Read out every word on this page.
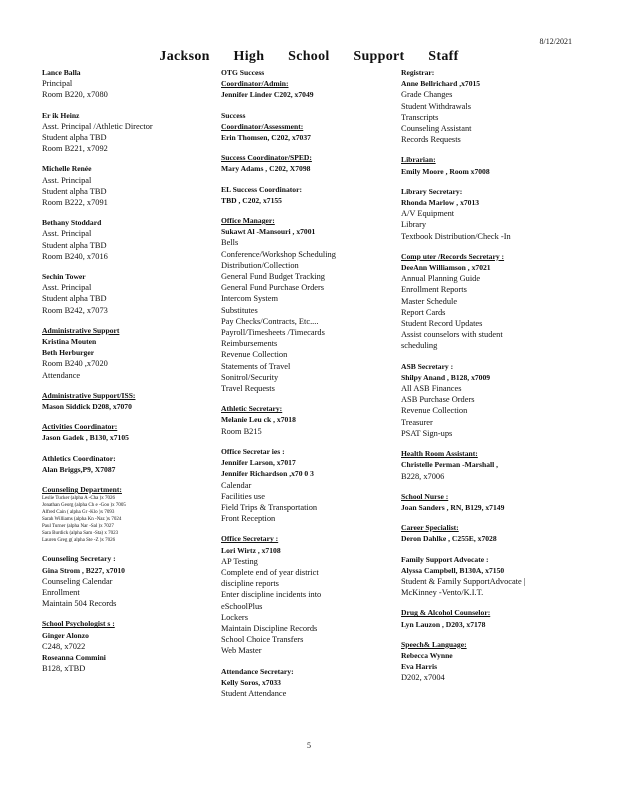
8/12/2021
Jackson High School Support Staff
Lance Balla
Principal
Room B220, x7080
Er ik Heinz
Asst. Principal /Athletic Director
Student alpha TBD
Room B221, x7092
Michelle Renée
Asst. Principal
Student alpha TBD
Room B222, x7091
Bethany Stoddard
Asst. Principal
Student alpha TBD
Room B240, x7016
Sechin Tower
Asst. Principal
Student alpha TBD
Room B242, x7073
Administrative Support
Kristina Mouten
Beth Herburger
Room B240 ,x7020
Attendance
Administrative Support/ISS:
Mason Siddick D208, x7070
Activities Coordinator:
Jason Gadek , B130, x7105
Athletics Coordinator:
Alan Briggs,P9, X7087
Counseling Department:
Leslie Tucker (alpha A -Cha )x 7026
Jonathan Georg (alpha Ch e -Goo )x 7005
Alfred Cain ( alpha Gr -Klo )x 7093
Sarah Williams (alpha Kn -Naz )x 7024
Paul Turner (alpha Nar -Sal )x 7027
Sara Burdick (alpha Sam -Sta) x 7023
Lauren Greg g( alpha Ste -Z )x 7026
Counseling Secretary :
Gina Strom , B227, x7010
Counseling Calendar
Enrollment
Maintain 504 Records
School Psychologist s :
Ginger Alonzo
C248, x7022
Roseanna Commini
B128, xTBD
OTG Success
Coordinator/Admin:
Jennifer Linder C202, x7049
Success
Coordinator/Assessment:
Erin Thomsen, C202, x7037
Success Coordinator/SPED:
Mary Adams , C202, X7098
EL Success Coordinator:
TBD , C202, x7155
Office Manager:
Sukawt Al -Mansouri , x7001
Bells
Conference/Workshop Scheduling
Distribution/Collection
General Fund Budget Tracking
General Fund Purchase Orders
Intercom System
Substitutes
Pay Checks/Contracts, Etc....
Payroll/Timesheets /Timecards
Reimbursements
Revenue Collection
Statements of Travel
Sonitrol/Security
Travel Requests
Athletic Secretary:
Melanie Leu ck , x7018
Room B215
Office Secretar ies :
Jennifer Larson, x7017
Jennifer Richardson ,x70 0 3
Calendar
Facilities use
Field Trips & Transportation
Front Reception
Office Secretary :
Lori Wirtz , x7108
AP Testing
Complete end of year district
discipline reports
Enter discipline incidents into
eSchoolPlus
Lockers
Maintain Discipline Records
School Choice Transfers
Web Master
Attendance Secretary:
Kelly Soros, x7033
Student Attendance
Registrar:
Anne Bellrichard ,x7015
Grade Changes
Student Withdrawals
Transcripts
Counseling Assistant
Records Requests
Librarian:
Emily Moore , Room x7008
Library Secretary:
Rhonda Marlow , x7013
A/V Equipment
Library
Textbook Distribution/Check -In
Comp uter /Records Secretary :
DeeAnn Williamson , x7021
Annual Planning Guide
Enrollment Reports
Master Schedule
Report Cards
Student Record Updates
Assist counselors with student
scheduling
ASB Secretary :
Shilpy Anand , B128, x7009
All ASB Finances
ASB Purchase Orders
Revenue Collection
Treasurer
PSAT Sign-ups
Health Room Assistant:
Christelle Perman -Marshall ,
B228, x7006
School Nurse :
Joan Sanders , RN, B129, x7149
Career Specialist:
Deron Dahlke , C255E, x7028
Family Support Advocate :
Alyssa Campbell, B130A, x7150
Student & Family SupportAdvocate |
McKinney -Vento/K.I.T.
Drug & Alcohol Counselor:
Lyn Lauzon , D203, x7178
Speech& Language:
Rebecca Wynne
Eva Harris
D202, x7004
5
